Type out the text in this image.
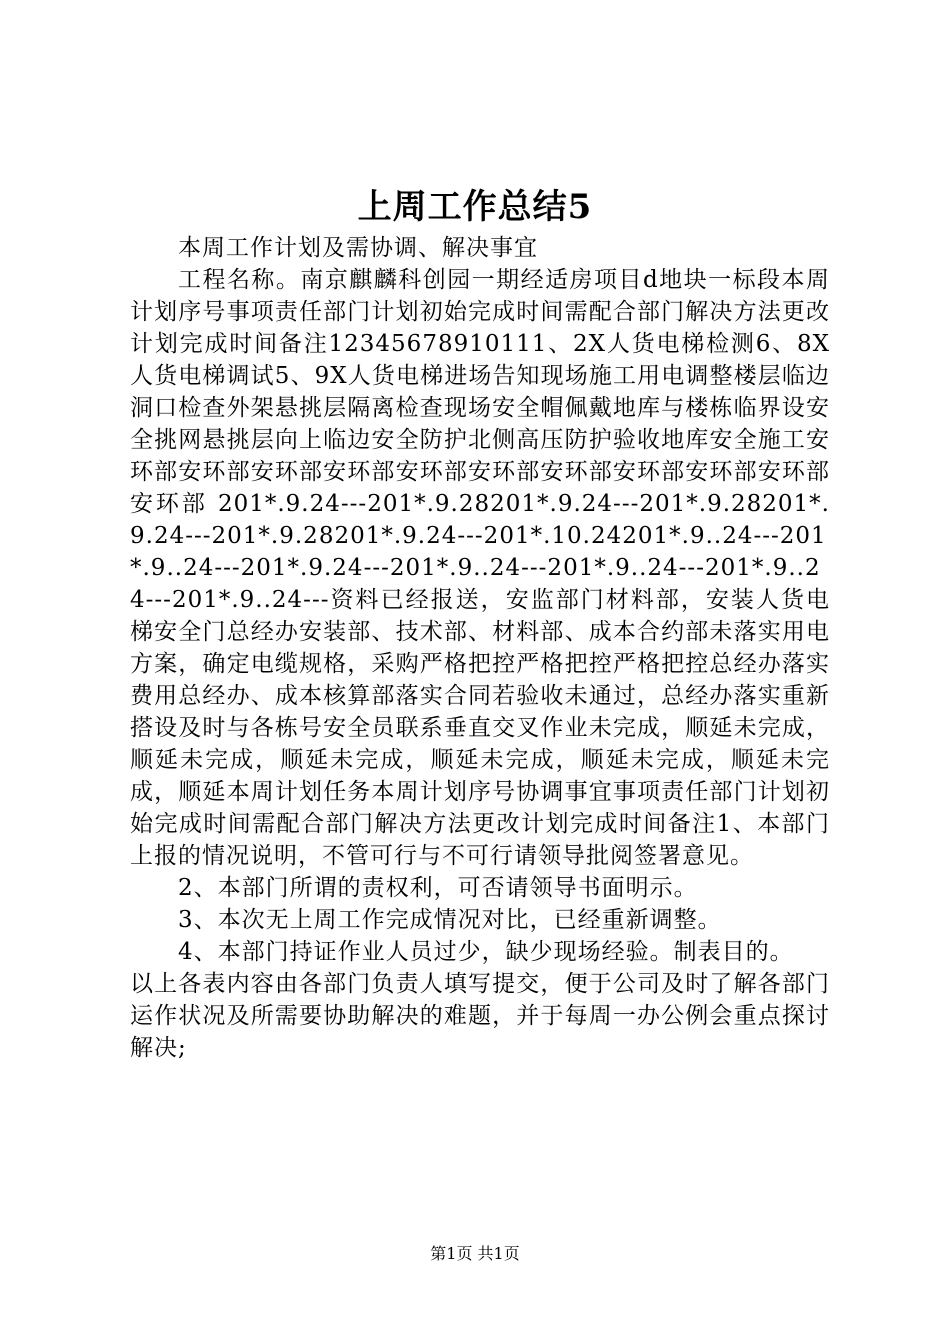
上周工作总结5

本周工作计划及需协调、解决事宜

工程名称。南京麒麟科创园一期经适房项目d地块一标段本周计划序号事项责任部门计划初始完成时间需配合部门解决方法更改计划完成时间备注12345678910111、2X人货电梯检测6、8X人货电梯调试5、9X人货电梯进场告知现场施工用电调整楼层临边洞口检查外架悬挑层隔离检查现场安全帽佩戴地库与楼栋临界设安全挑网悬挑层向上临边安全防护北侧高压防护验收地库安全施工安环部安环部安环部安环部安环部安环部安环部安环部安环部安环部安环部 201*.9.24---201*.9.28201*.9.24---201*.9.28201*.9.24---201*.9.28201*.9.24---201*.10.24201*.9..24---201*.9..24---201*.9.24---201*.9..24---201*.9..24---201*.9..24---201*.9..24---资料已经报送，安监部门材料部，安装人货电梯安全门总经办安装部、技术部、材料部、成本合约部未落实用电方案，确定电缆规格，采购严格把控严格把控严格把控总经办落实费用总经办、成本核算部落实合同若验收未通过，总经办落实重新搭设及时与各栋号安全员联系垂直交叉作业未完成，顺延未完成，顺延未完成，顺延未完成，顺延未完成，顺延未完成，顺延未完成，顺延本周计划任务本周计划序号协调事宜事项责任部门计划初始完成时间需配合部门解决方法更改计划完成时间备注1、本部门上报的情况说明，不管可行与不可行请领导批阅签署意见。

2、本部门所谓的责权利，可否请领导书面明示。

3、本次无上周工作完成情况对比，已经重新调整。

4、本部门持证作业人员过少，缺少现场经验。制表目的。

以上各表内容由各部门负责人填写提交，便于公司及时了解各部门运作状况及所需要协助解决的难题，并于每周一办公例会重点探讨解决;

第1页 共1页
